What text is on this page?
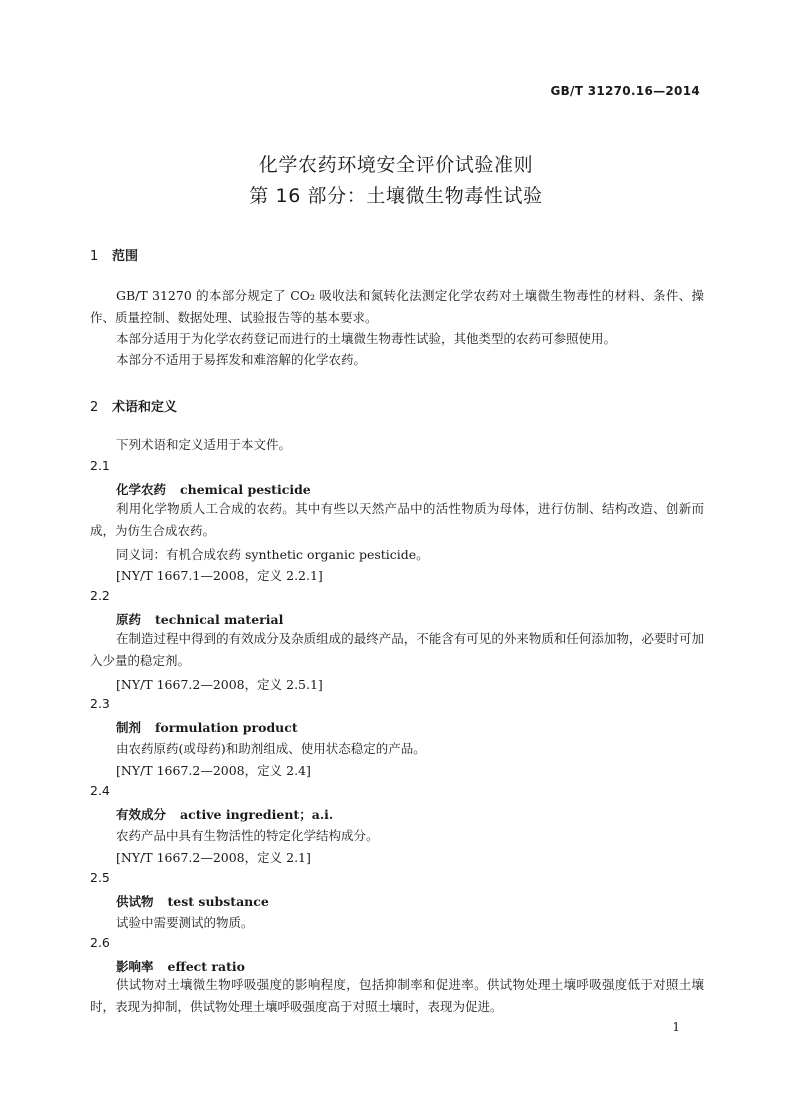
GB/T 31270.16—2014
化学农药环境安全评价试验准则
第 16 部分：土壤微生物毒性试验
1 范围
GB/T 31270 的本部分规定了 CO₂ 吸收法和氮转化法测定化学农药对土壤微生物毒性的材料、条件、操作、质量控制、数据处理、试验报告等的基本要求。
本部分适用于为化学农药登记而进行的土壤微生物毒性试验，其他类型的农药可参照使用。
本部分不适用于易挥发和难溶解的化学农药。
2 术语和定义
下列术语和定义适用于本文件。
2.1
化学农药 chemical pesticide
利用化学物质人工合成的农药。其中有些以天然产品中的活性物质为母体，进行仿制、结构改造、创新而成，为仿生合成农药。
同义词：有机合成农药 synthetic organic pesticide。
[NY/T 1667.1—2008，定义 2.2.1]
2.2
原药 technical material
在制造过程中得到的有效成分及杂质组成的最终产品，不能含有可见的外来物质和任何添加物，必要时可加入少量的稳定剂。
[NY/T 1667.2—2008，定义 2.5.1]
2.3
制剂 formulation product
由农药原药(或母药)和助剂组成、使用状态稳定的产品。
[NY/T 1667.2—2008，定义 2.4]
2.4
有效成分 active ingredient；a.i.
农药产品中具有生物活性的特定化学结构成分。
[NY/T 1667.2—2008，定义 2.1]
2.5
供试物 test substance
试验中需要测试的物质。
2.6
影响率 effect ratio
供试物对土壤微生物呼吸强度的影响程度，包括抑制率和促进率。供试物处理土壤呼吸强度低于对照土壤时，表现为抑制，供试物处理土壤呼吸强度高于对照土壤时，表现为促进。
1
